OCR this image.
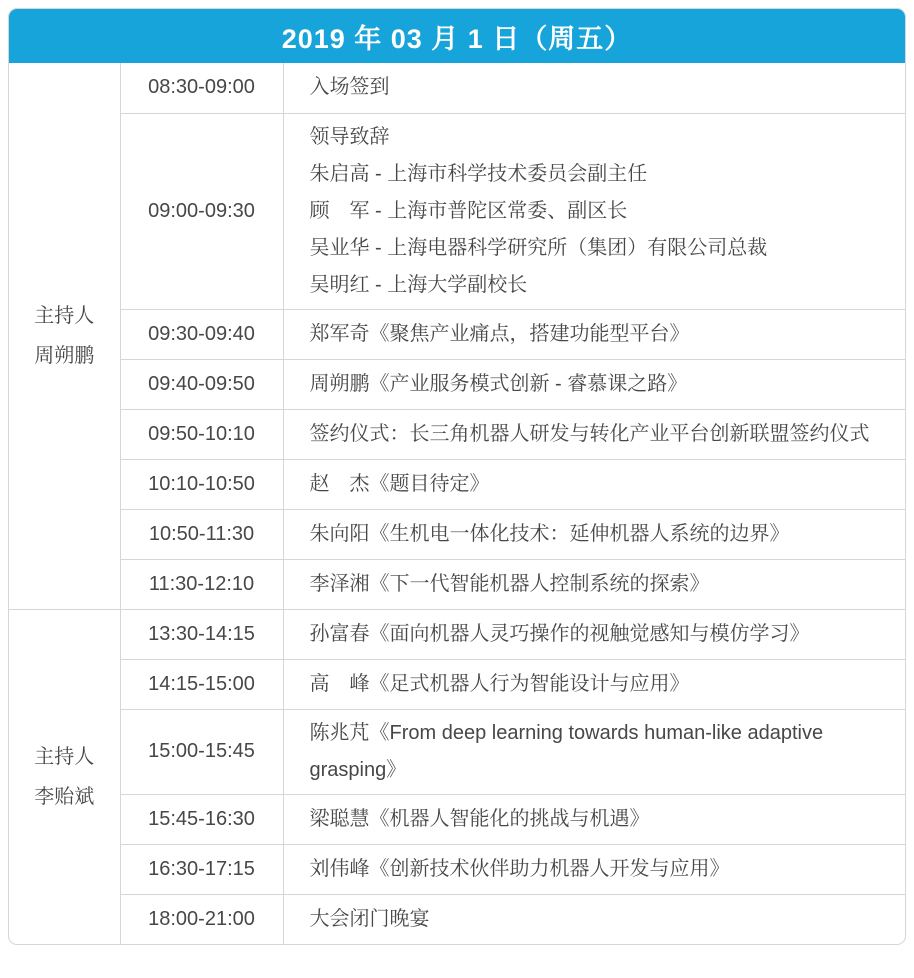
2019 年 03 月 1 日（周五）
主持人
周朔鹏	08:30-09:00	入场签到

	09:00-09:30	领导致辞
朱启高 - 上海市科学技术委员会副主任
顾　军 - 上海市普陀区常委、副区长
吴业华 - 上海电器科学研究所（集团）有限公司总裁
吴明红 - 上海大学副校长

	09:30-09:40	郑军奇《聚焦产业痛点，搭建功能型平台》

	09:40-09:50	周朔鹏《产业服务模式创新 - 睿慕课之路》

	09:50-10:10	签约仪式：长三角机器人研发与转化产业平台创新联盟签约仪式

	10:10-10:50	赵　杰《题目待定》

	10:50-11:30	朱向阳《生机电一体化技术：延伸机器人系统的边界》

	11:30-12:10	李泽湘《下一代智能机器人控制系统的探索》

主持人
李贻斌	13:30-14:15	孙富春《面向机器人灵巧操作的视触觉感知与模仿学习》

	14:15-15:00	高　峰《足式机器人行为智能设计与应用》

	15:00-15:45	陈兆芃《From deep learning towards human-like adaptive
grasping》

	15:45-16:30	梁聪慧《机器人智能化的挑战与机遇》

	16:30-17:15	刘伟峰《创新技术伙伴助力机器人开发与应用》

	18:00-21:00	大会闭门晚宴
